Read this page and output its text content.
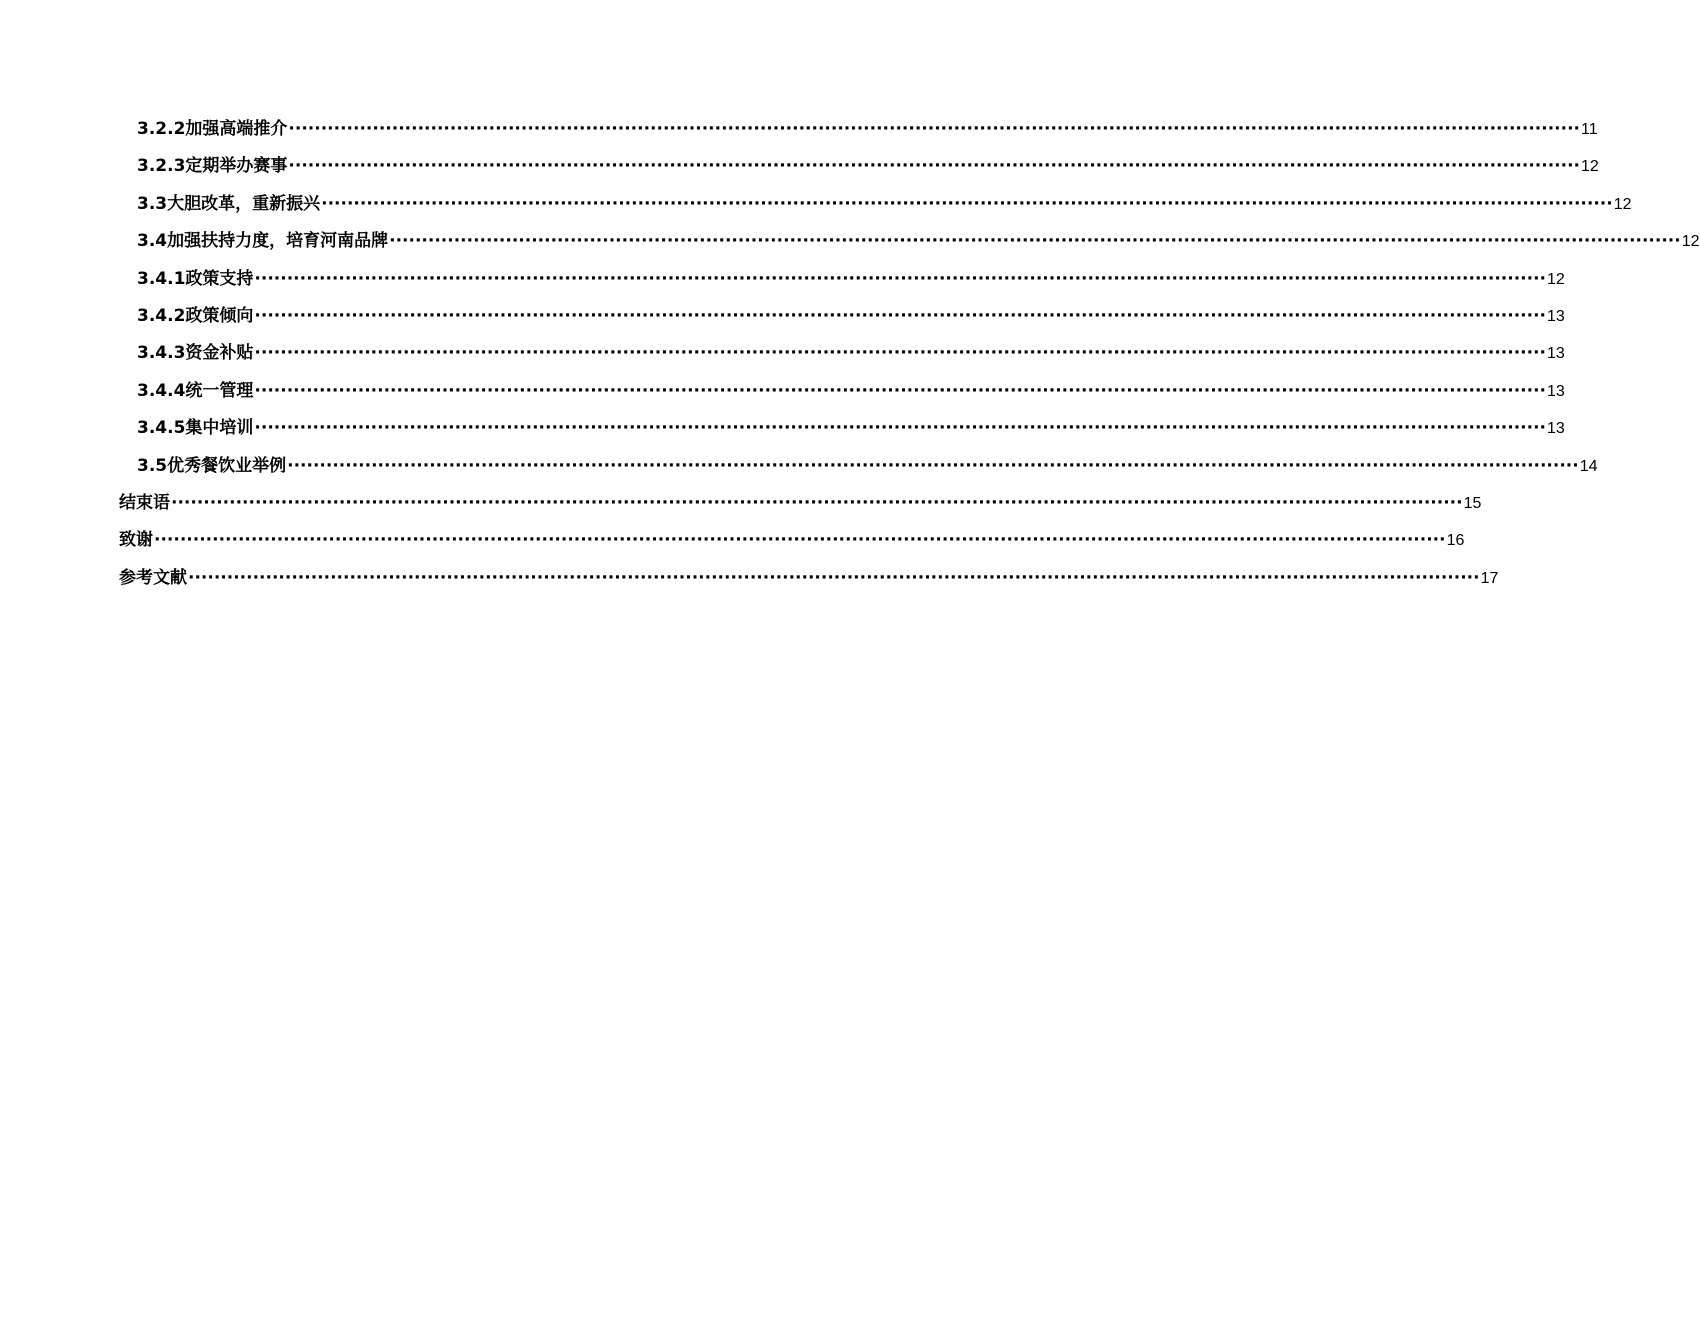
3.2.2加强高端推介 ········································································································································································································ 11
3.2.3定期举办赛事 ········································································································································································································ 12
3.3大胆改革，重新振兴 ········································································································································································································ 12
3.4加强扶持力度，培育河南品牌 ········································································································································································································ 12
3.4.1政策支持 ········································································································································································································ 12
3.4.2政策倾向 ········································································································································································································ 13
3.4.3资金补贴 ········································································································································································································ 13
3.4.4统一管理 ········································································································································································································ 13
3.4.5集中培训 ········································································································································································································ 13
3.5优秀餐饮业举例 ········································································································································································································ 14
结束语 ········································································································································································································ 15
致谢 ········································································································································································································ 16
参考文献 ········································································································································································································ 17
